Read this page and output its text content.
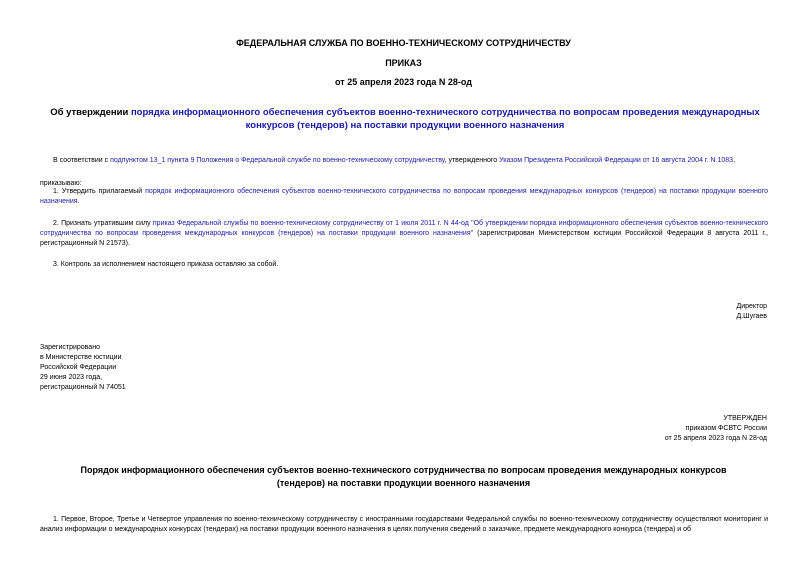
ФЕДЕРАЛЬНАЯ СЛУЖБА ПО ВОЕННО-ТЕХНИЧЕСКОМУ СОТРУДНИЧЕСТВУ
ПРИКАЗ
от 25 апреля 2023 года N 28-од
Об утверждении порядка информационного обеспечения субъектов военно-технического сотрудничества по вопросам проведения международных конкурсов (тендеров) на поставки продукции военного назначения
В соответствии с подпунктом 13_1 пункта 9 Положения о Федеральной службе по военно-техническому сотрудничеству, утвержденного Указом Президента Российской Федерации от 16 августа 2004 г. N 1083,
приказываю:
1. Утвердить прилагаемый порядок информационного обеспечения субъектов военно-технического сотрудничества по вопросам проведения международных конкурсов (тендеров) на поставки продукции военного назначения.
2. Признать утратившим силу приказ Федеральной службы по военно-техническому сотрудничеству от 1 июля 2011 г. N 44-од "Об утверждении порядка информационного обеспечения субъектов военно-технического сотрудничества по вопросам проведения международных конкурсов (тендеров) на поставки продукции военного назначения" (зарегистрирован Министерством юстиции Российской Федерации 8 августа 2011 г., регистрационный N 21573).
3. Контроль за исполнением настоящего приказа оставляю за собой.
Директор
Д.Шугаев
Зарегистрировано
в Министерстве юстиции
Российской Федерации
29 июня 2023 года,
регистрационный N 74051
УТВЕРЖДЕН
приказом ФСВТС России
от 25 апреля 2023 года N 28-од
Порядок информационного обеспечения субъектов военно-технического сотрудничества по вопросам проведения международных конкурсов (тендеров) на поставки продукции военного назначения
1. Первое, Второе, Третье и Четвертое управления по военно-техническому сотрудничеству с иностранными государствами Федеральной службы по военно-техническому сотрудничеству осуществляют мониторинг и анализ информации о международных конкурсах (тендерах) на поставки продукции военного назначения в целях получения сведений о заказчике, предмете международного конкурса (тендера) и об
